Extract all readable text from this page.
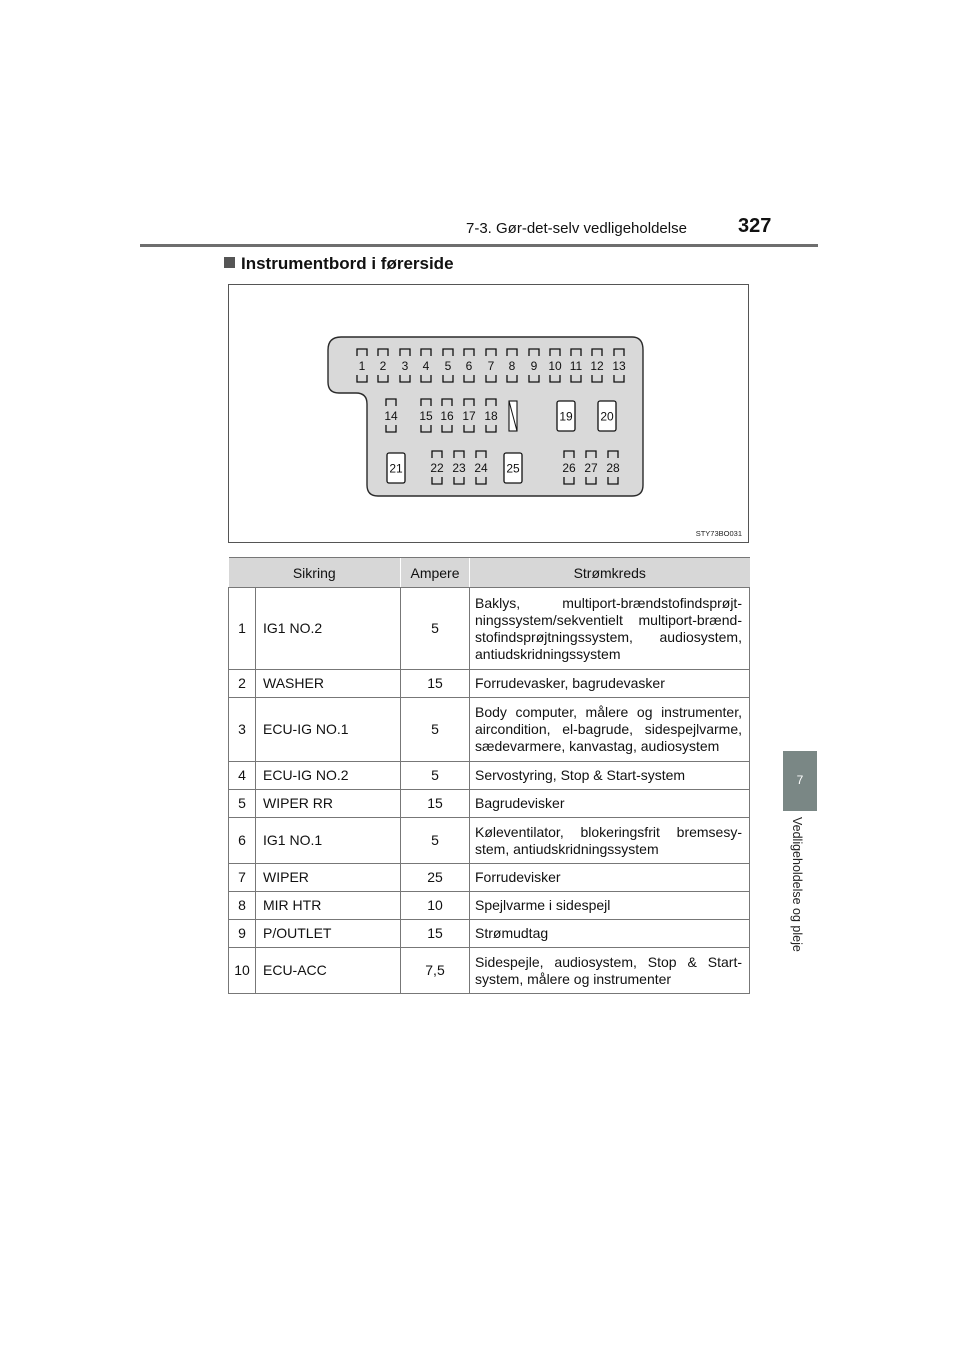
7-3. Gør-det-selv vedligeholdelse	327
7
Vedligeholdelse og pleje
Instrumentbord i førerside
1 2 3 4 5 6 7 8 9 10 11 12 13
14 15 16 17 18	19 20
21	25
22 23 24	26 27 28
STY73BO031
Sikring		Ampere	Strømkreds
1	IG1 NO.2	5	Baklys, multiport-brændstofindsprøjt-ningssystem/sekventielt multiport-brænd-stofindsprøjtningssystem, audiosystem, antiudskridningssystem
2	WASHER	15	Forrudevasker, bagrudevasker
3	ECU-IG NO.1	5	Body computer, målere og instrumenter, aircondition, el-bagrude, sidespejlvarme, sædevarmere, kanvastag, audiosystem
4	ECU-IG NO.2	5	Servostyring, Stop & Start-system
5	WIPER RR	15	Bagrudevisker
6	IG1 NO.1	5	Køleventilator, blokeringsfrit bremsesy-stem, antiudskridningssystem
7	WIPER	25	Forrudevisker
8	MIR HTR	10	Spejlvarme i sidespejl
9	P/OUTLET	15	Strømudtag
10	ECU-ACC	7,5	Sidespejle, audiosystem, Stop & Start-system, målere og instrumenter
